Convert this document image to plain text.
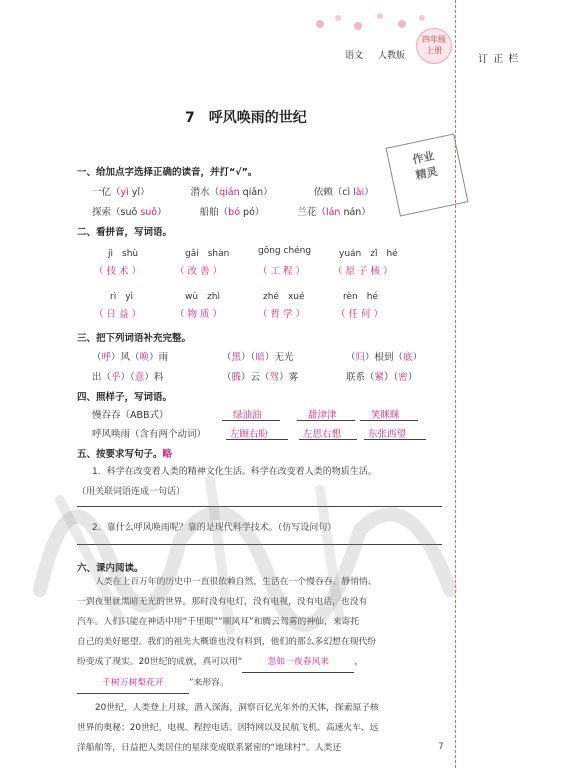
语文 人教版
四年级
上册
订 正 栏
7　呼风唤雨的世纪
作业
精灵
一、给加点字选择正确的读音，并打“√”。
一亿（yì yǐ）	潜水（qián qiǎn）	依赖（cì lài）
探索（suǒ suǒ）	船舶（bó pó）	兰花（lán nán）
二、看拼音，写词语。
jì　shù	gǎi　shàn	gōng chéng	yuán　zǐ　hé
（ 技 术 ）	（ 改 善 ）	（ 工 程 ）	（ 原 子 核 ）
rì　yì	wù　zhì	zhé　xué	rèn　hé
（ 日 益 ）	（ 物 质 ）	（ 哲 学 ）	（ 任 何 ）
三、把下列词语补充完整。
（呼）风（唤）雨	（黑）（暗）无光	（归）根到（底）
出（乎）（意）料	（腾）云（驾）雾	联系（紧）（密）
四、照样子，写词语。
慢吞吞（ABB式）	绿油油	甜津津	笑眯眯
呼风唤雨（含有两个动词）	左顾右盼	左思右想	东张西望
五、按要求写句子。略
1．科学在改变着人类的精神文化生活。科学在改变着人类的物质生活。
（用关联词语连成一句话）
2．靠什么呼风唤雨呢？靠的是现代科学技术。（仿写设问句）
六、课内阅读。
人类在上百万年的历史中一直很依赖自然，生活在一个慢吞吞、静悄悄、
一到夜里就黑暗无光的世界。那时没有电灯，没有电视，没有电话，也没有
汽车。人们只能在神话中用“千里眼”“顺风耳”和腾云驾雾的神仙，来寄托
自己的美好愿望。我们的祖先大概谁也没有料到，他们的那么多幻想在现代纷
纷变成了现实。20世纪的成就，真可以用“	忽如一夜春风来	，
千树万树梨花开	”来形容。
20世纪，人类登上月球，潜入深海，洞察百亿光年外的天体，探索原子核
世界的奥秘；20世纪，电视、程控电话、因特网以及民航飞机、高速火车、远
洋船舶等，日益把人类居住的星球变成联系紧密的“地球村”。人类还	7
